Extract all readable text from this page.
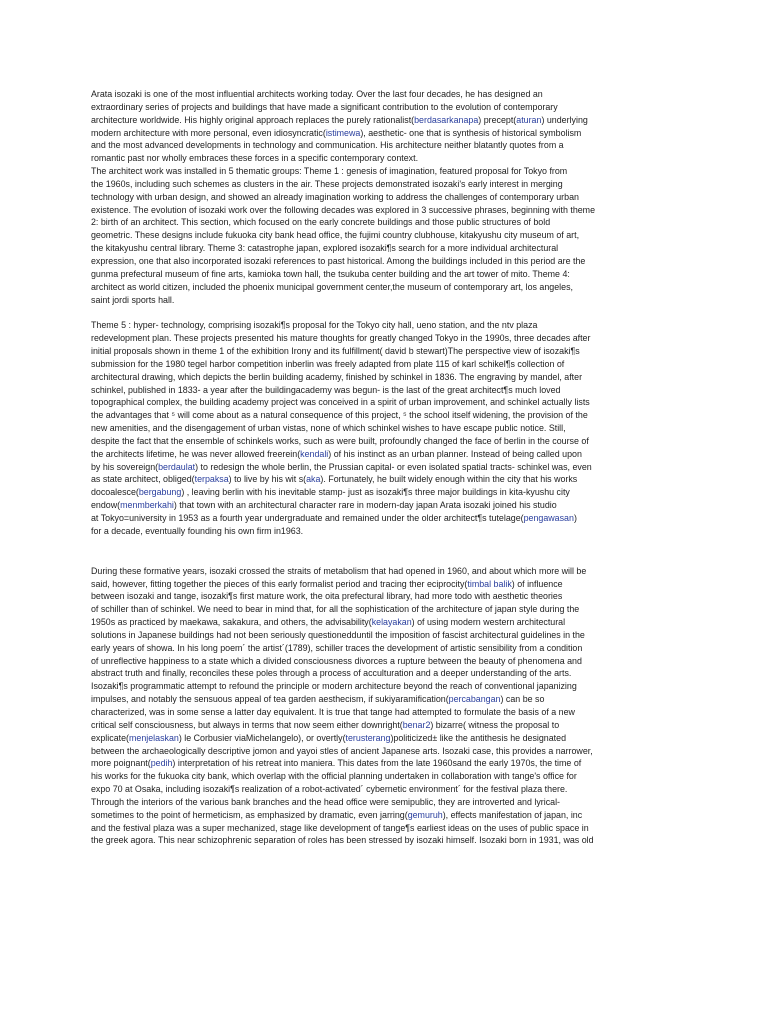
Arata isozaki is one of the most influential architects working today. Over the last four decades, he has designed an
extraordinary series of projects and buildings that have made a significant contribution to the evolution of contemporary
architecture worldwide. His highly original approach replaces the purely rationalist(berdasarkanapa) precept(aturan) underlying
modern architecture with more personal, even idiosyncratic(istimewa), aesthetic- one that is synthesis of historical symbolism
and the most advanced developments in technology and communication. His architecture neither blatantly quotes from a
romantic past nor wholly embraces these forces in a specific contemporary context.
The architect work was installed in 5 thematic groups: Theme 1 : genesis of imagination, featured proposal for Tokyo from
the 1960s, including such schemes as clusters in the air. These projects demonstrated isozaki's early interest in merging
technology with urban design, and showed an already imagination working to address the challenges of contemporary urban
existence. The evolution of isozaki work over the following decades was explored in 3 successive phrases, beginning with theme
2: birth of an architect. This section, which focused on the early concrete buildings and those public structures of bold
geometric. These designs include fukuoka city bank head office, the fujimi country clubhouse, kitakyushu city museum of art,
the kitakyushu central library. Theme 3: catastrophe japan, explored isozaki¶s search for a more individual architectural
expression, one that also incorporated isozaki references to past historical. Among the buildings included in this period are the
gunma prefectural museum of fine arts, kamioka town hall, the tsukuba center building and the art tower of mito. Theme 4:
architect as world citizen, included the phoenix municipal government center,the museum of contemporary art, los angeles,
saint jordi sports hall.
Theme 5 : hyper- technology, comprising isozaki¶s proposal for the Tokyo city hall, ueno station, and the ntv plaza
redevelopment plan. These projects presented his mature thoughts for greatly changed Tokyo in the 1990s, three decades after
initial proposals shown in theme 1 of the exhibition Irony and its fulfillment( david b stewart)The perspective view of isozaki¶s
submission for the 1980 tegel harbor competition inberlin was freely adapted from plate 115 of karl schikel¶s collection of
architectural drawing, which depicts the berlin building academy, finished by schinkel in 1836. The engraving by mandel, after
schinkel, published in 1833- a year after the buildingacademy was begun- is the last of the great architect¶s much loved
topographical complex, the building academy project was conceived in a spirit of urban improvement, and schinkel actually lists
the advantages that ⁵ will come about as a natural consequence of this project, ⁵ the school itself widening, the provision of the
new amenities, and the disengagement of urban vistas, none of which schinkel wishes to have escape public notice. Still,
despite the fact that the ensemble of schinkels works, such as were built, profoundly changed the face of berlin in the course of
the architects lifetime, he was never allowed freerein(kendali) of his instinct as an urban planner. Instead of being called upon
by his sovereign(berdaulat) to redesign the whole berlin, the Prussian capital- or even isolated spatial tracts- schinkel was, even
as state architect, obliged(terpaksa) to live by his wit s(aka). Fortunately, he built widely enough within the city that his works
docoalesce(bergabung) , leaving berlin with his inevitable stamp- just as isozaki¶s three major buildings in kita-kyushu city
endow(menmberkahi) that town with an architectural character rare in modern-day japan Arata isozaki joined his studio
at Tokyo=university in 1953 as a fourth year undergraduate and remained under the older architect¶s tutelage(pengawasan)
for a decade, eventually founding his own firm in1963.
During these formative years, isozaki crossed the straits of metabolism that had opened in 1960, and about which more will be
said, however, fitting together the pieces of this early formalist period and tracing ther eciprocity(timbal balik) of influence
between isozaki and tange, isozaki¶s first mature work, the oita prefectural library, had more todo with aesthetic theories
of schiller than of schinkel. We need to bear in mind that, for all the sophistication of the architecture of japan style during the
1950s as practiced by maekawa, sakakura, and others, the advisability(kelayakan) of using modern western architectural
solutions in Japanese buildings had not been seriously questionedduntil the imposition of fascist architectural guidelines in the
early years of showa. In his long poem´ the artist´(1789), schiller traces the development of artistic sensibility from a condition
of unreflective happiness to a state which a divided consciousness divorces a rupture between the beauty of phenomena and
abstract truth and finally, reconciles these poles through a process of acculturation and a deeper understanding of the arts.
Isozaki¶s programmatic attempt to refound the principle or modern architecture beyond the reach of conventional japanizing
impulses, and notably the sensuous appeal of tea garden aesthecism, if sukiyaramification(percabangan) can be so
characterized, was in some sense a latter day equivalent. It is true that tange had attempted to formulate the basis of a new
critical self consciousness, but always in terms that now seem either downright(benar2) bizarre( witness the proposal to
explicate(menjelaskan) le Corbusier viaMichelangelo), or overtly(terusterang)politicized± like the antithesis he designated
between the archaeologically descriptive jomon and yayoi stles of ancient Japanese arts. Isozaki case, this provides a narrower,
more poignant(pedih) interpretation of his retreat into maniera. This dates from the late 1960sand the early 1970s, the time of
his works for the fukuoka city bank, which overlap with the official planning undertaken in collaboration with tange's office for
expo 70 at Osaka, including isozaki¶s realization of a robot-activated´ cybernetic environment´ for the festival plaza there.
Through the interiors of the various bank branches and the head office were semipublic, they are introverted and lyrical-
sometimes to the point of hermeticism, as emphasized by dramatic, even jarring(gemuruh), effects manifestation of japan, inc
and the festival plaza was a super mechanized, stage like development of tange¶s earliest ideas on the uses of public space in
the greek agora. This near schizophrenic separation of roles has been stressed by isozaki himself. Isozaki born in 1931, was old
